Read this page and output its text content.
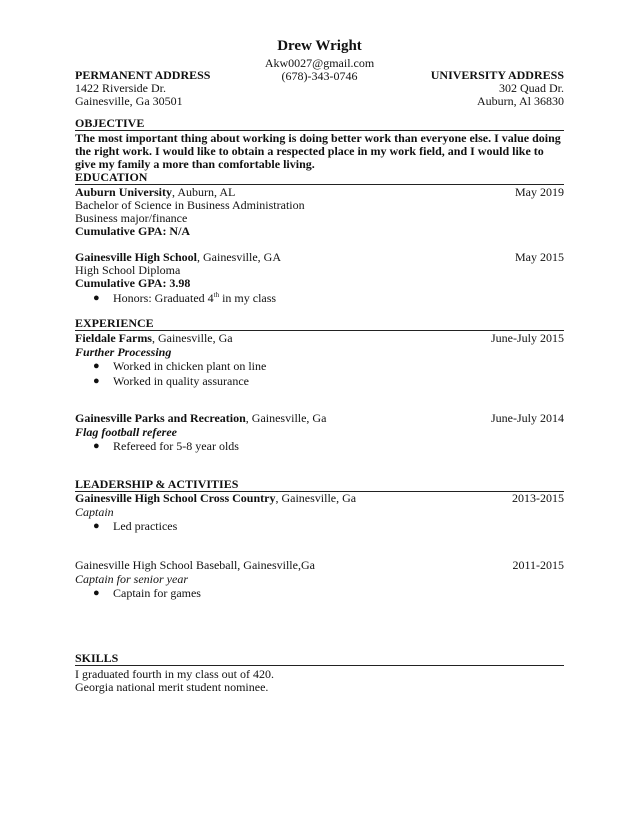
Drew Wright
Akw0027@gmail.com
(678)-343-0746
PERMANENT ADDRESS
1422 Riverside Dr.
Gainesville, Ga 30501
UNIVERSITY ADDRESS
302 Quad Dr.
Auburn, Al 36830
OBJECTIVE
The most important thing about working is doing better work than everyone else. I value doing the right work. I would like to obtain a respected place in my work field, and I would like to give my family a more than comfortable living.
EDUCATION
Auburn University, Auburn, AL	May 2019
Bachelor of Science in Business Administration
Business major/finance
Cumulative GPA: N/A
Gainesville High School, Gainesville, GA	May 2015
High School Diploma
Cumulative GPA: 3.98
● Honors: Graduated 4th in my class
EXPERIENCE
Fieldale Farms, Gainesville, Ga	June-July 2015
Further Processing
● Worked in chicken plant on line
● Worked in quality assurance
Gainesville Parks and Recreation, Gainesville, Ga	June-July 2014
Flag football referee
● Refereed for 5-8 year olds
LEADERSHIP & ACTIVITIES
Gainesville High School Cross Country, Gainesville, Ga	2013-2015
Captain
● Led practices
Gainesville High School Baseball, Gainesville,Ga	2011-2015
Captain for senior year
● Captain for games
SKILLS
I graduated fourth in my class out of 420.
Georgia national merit student nominee.
